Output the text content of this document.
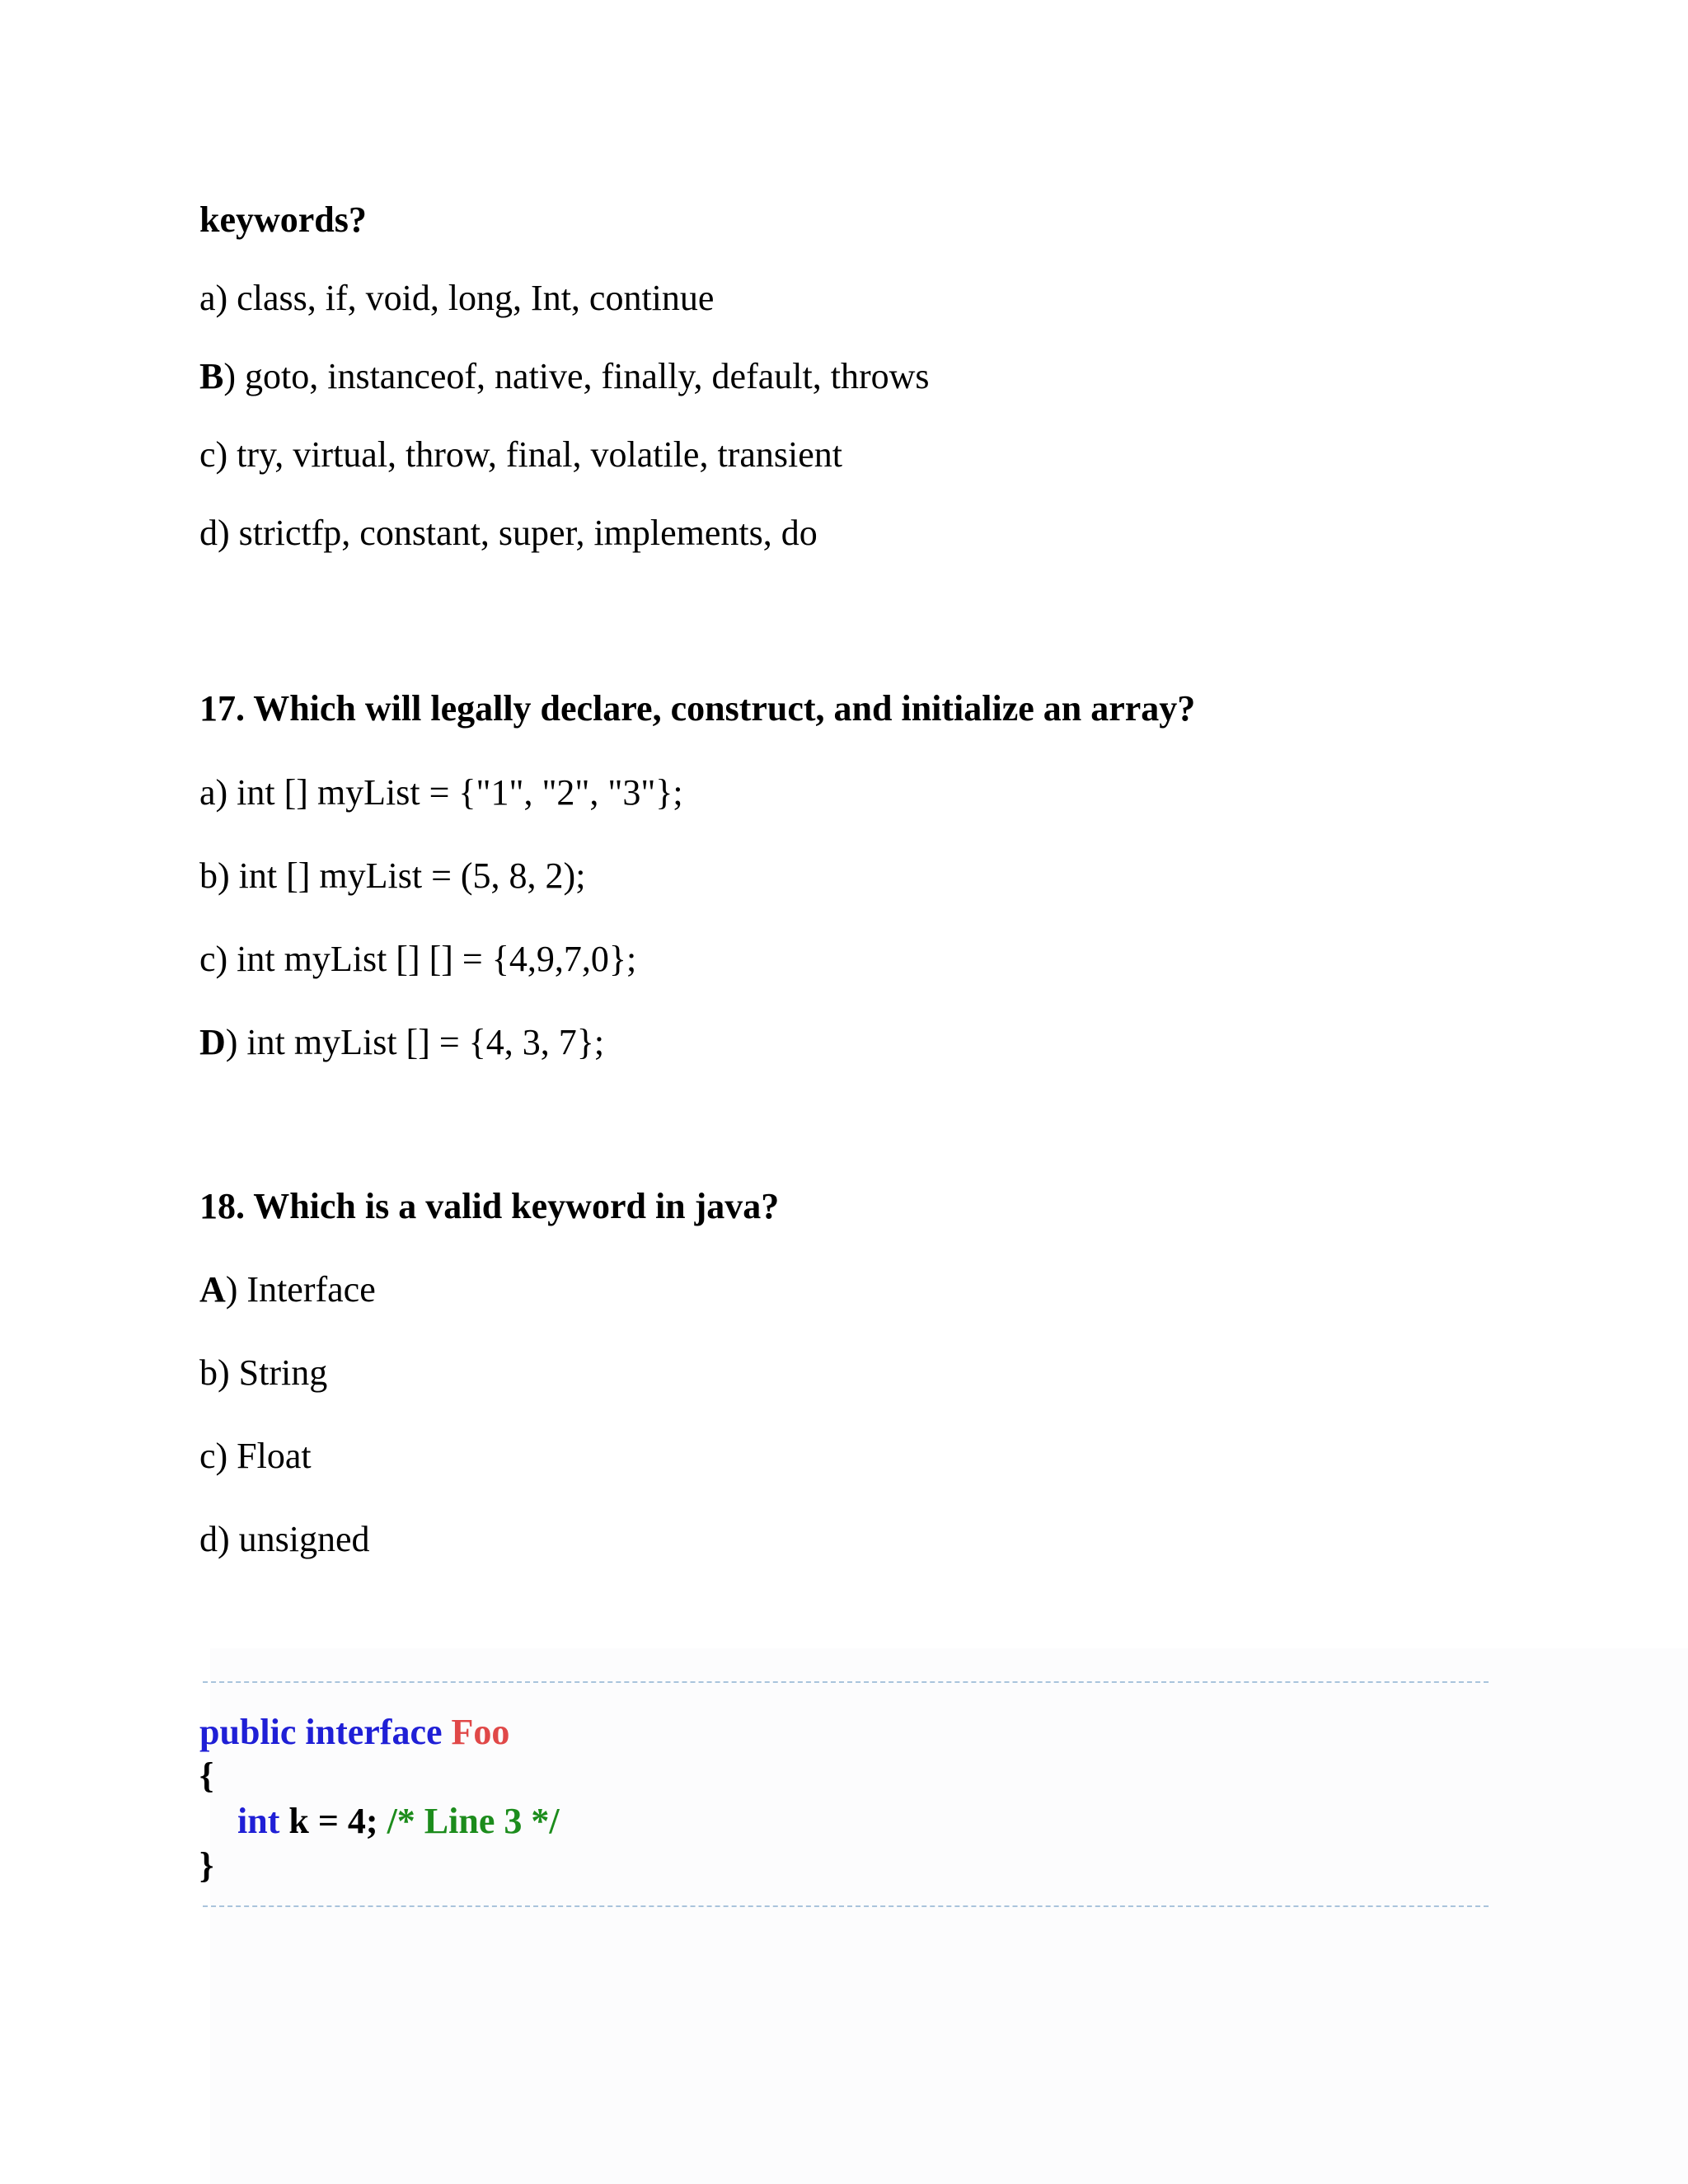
keywords?
a) class, if, void, long, Int, continue
B) goto, instanceof, native, finally, default, throws
c) try, virtual, throw, final, volatile, transient
d) strictfp, constant, super, implements, do
17. Which will legally declare, construct, and initialize an array?
a) int [] myList = {"1", "2", "3"};
b) int [] myList = (5, 8, 2);
c) int myList [] [] = {4,9,7,0};
D) int myList [] = {4, 3, 7};
18. Which is a valid keyword in java?
A) Interface
b) String
c) Float
d) unsigned
public interface Foo
{
int k = 4; /* Line 3 */
}
